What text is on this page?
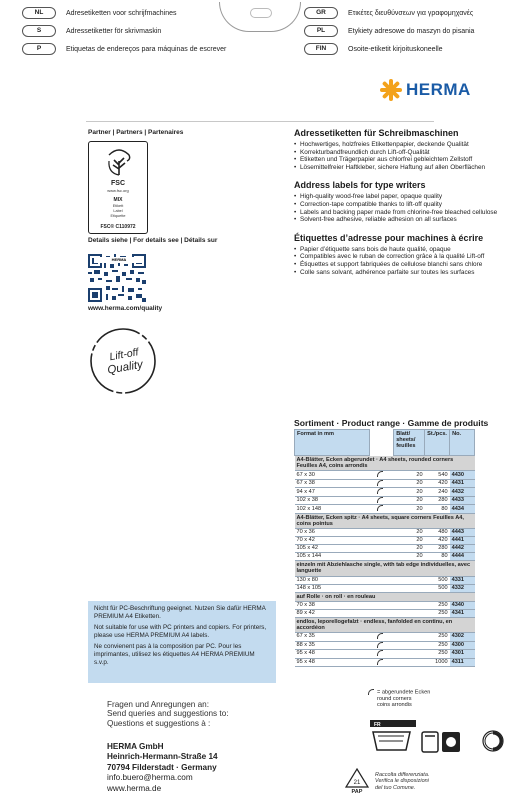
NL	Adresetiketten voor schrijfmachines
S	Adressetiketter för skrivmaskin
P	Etiquetas de endereços para máquinas de escrever
GR	Ετικέτες διευθύνσεων για γραφομηχανές
PL	Etykiety adresowe do maszyn do pisania
FIN	Osoite-etiketit kirjoituskoneelle
HERMA
Partner | Partners | Partenaires
FSC
www.fsc.org
MIX
Etikett
Label
Etiquette
FSC® C110972
Details siehe | For details see | Détails sur
HERMA
www.herma.com/quality
Lift-off
Quality

Nicht für PC-Beschriftung geeignet. Nutzen Sie dafür HERMA PREMIUM A4 Etiketten.

Not suitable for use with PC printers and copiers. For printers, please use HERMA PREMIUM A4 labels.

Ne convienent pas à la composition par PC. Pour les imprimantes, utilisez les étiquettes A4 HERMA PREMIUM s.v.p.

Adressetiketten für Schreibmaschinen
• Hochwertiges, holzfreies Etikettenpapier, deckende Qualität
• Korrekturbandfreundlich durch Lift-off-Qualität
• Etiketten und Trägerpapier aus chlorfrei gebleichtem Zellstoff
• Lösemittelfreier Haftkleber, sichere Haftung auf allen Oberflächen
Address labels for type writers
• High-quality wood-free label paper, opaque quality
• Correction-tape compatible thanks to lift-off quality
• Labels and backing paper made from chlorine-free bleached cellulose
• Solvent-free adhesive, reliable adhesion on all surfaces
Étiquettes d’adresse pour machines à écrire
• Papier d’étiquette sans bois de haute qualité, opaque
• Compatibles avec le ruban de correction grâce à la qualité Lift-off
• Étiquettes et support fabriquées de cellulose blanchi sans chlore
• Colle sans solvant, adhérence parfaite sur toutes les surfaces
Sortiment · Product range · Gamme de produits
Format in mm		Blatt/ sheets/ feuilles	St./pcs.	No.
A4-Blätter, Ecken abgerundet · A4 sheets, rounded corners Feuilles A4, coins arrondis				
67 x 30		20	540	4430
67 x 38		20	420	4431
94 x 47		20	240	4432
102 x 38		20	280	4433
102 x 148		20	80	4434
A4-Blätter, Ecken spitz · A4 sheets, square corners Feuilles A4, coins pointus				
70 x 36		20	480	4443
70 x 42		20	420	4441
105 x 42		20	280	4442
105 x 144		20	80	4444
einzeln mit Abziehlasche single, with tab edge individuelles, avec languette				
130 x 80			500	4331
148 x 105			500	4332
auf Rolle · on roll · en rouleau				
70 x 38			250	4340
89 x 42			250	4341
endlos, leporellogefalzt · endless, fanfolded en continu, en accordéon				
67 x 35			250	4302
88 x 35			250	4300
95 x 48			250	4301
95 x 48			1000	4311
= abgerundete Ecken
round corners
coins arrondis
Fragen und Anregungen an:
Send queries and suggestions to:
Questions et suggestions à :
HERMA GmbH
Heinrich-Hermann-Straße 14
70794 Filderstadt · Germany
info.buero@herma.com
www.herma.de
FR
21
PAP
Raccolta differenziata.
Verifica le disposizioni
del tuo Comune.
